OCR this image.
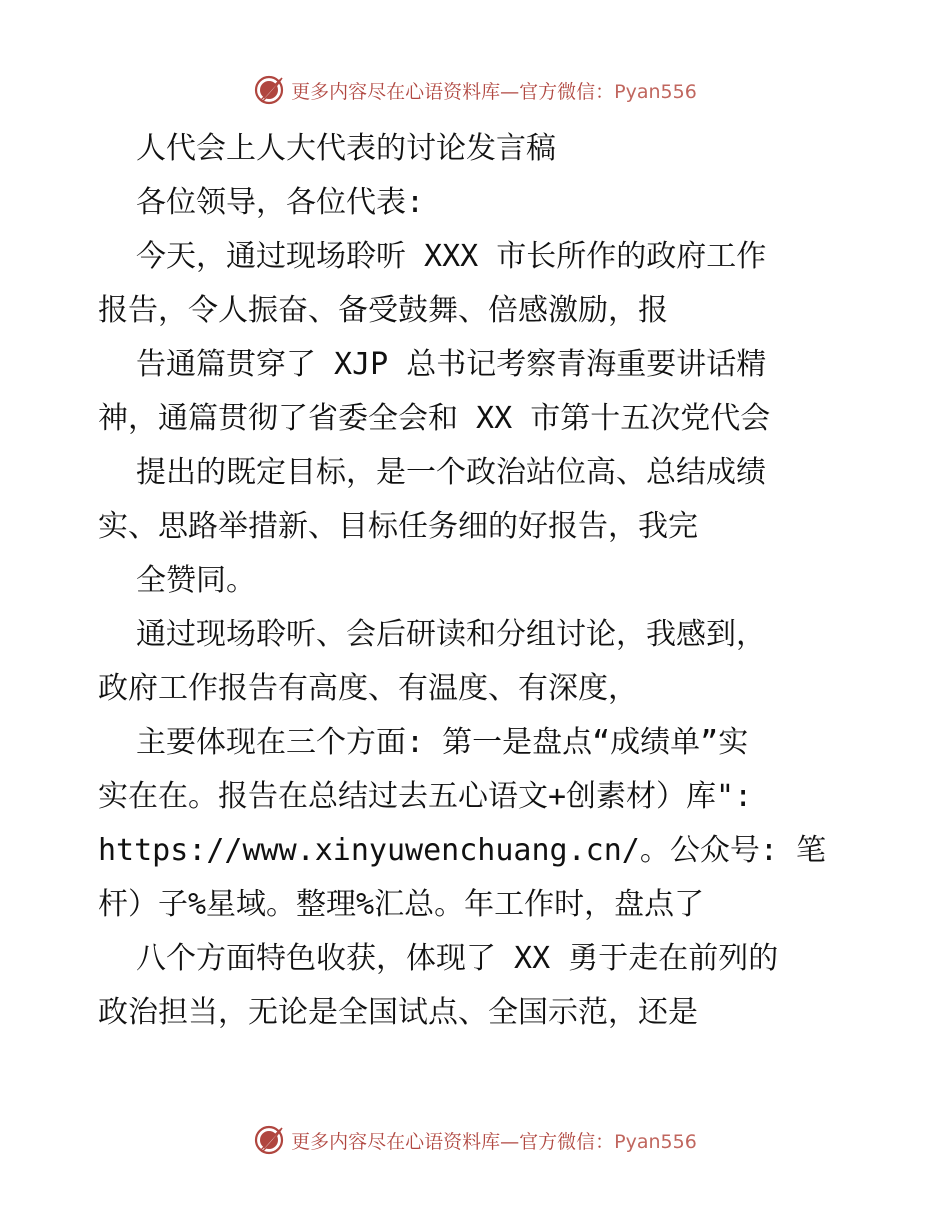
更多内容尽在心语资料库—官方微信：Pyan556
人代会上人大代表的讨论发言稿
各位领导，各位代表:
今天，通过现场聆听 XXX 市长所作的政府工作
报告，令人振奋、备受鼓舞、倍感激励，报
告通篇贯穿了 XJP 总书记考察青海重要讲话精
神，通篇贯彻了省委全会和 XX 市第十五次党代会
提出的既定目标，是一个政治站位高、总结成绩
实、思路举措新、目标任务细的好报告，我完
全赞同。
通过现场聆听、会后研读和分组讨论，我感到，
政府工作报告有高度、有温度、有深度，
主要体现在三个方面: 第一是盘点“成绩单”实
实在在。报告在总结过去五心语文+创素材）库":
https://www.xinyuwenchuang.cn/。公众号: 笔
杆）子%星域。整理%汇总。年工作时，盘点了
八个方面特色收获，体现了 XX 勇于走在前列的
政治担当，无论是全国试点、全国示范，还是
更多内容尽在心语资料库—官方微信：Pyan556
